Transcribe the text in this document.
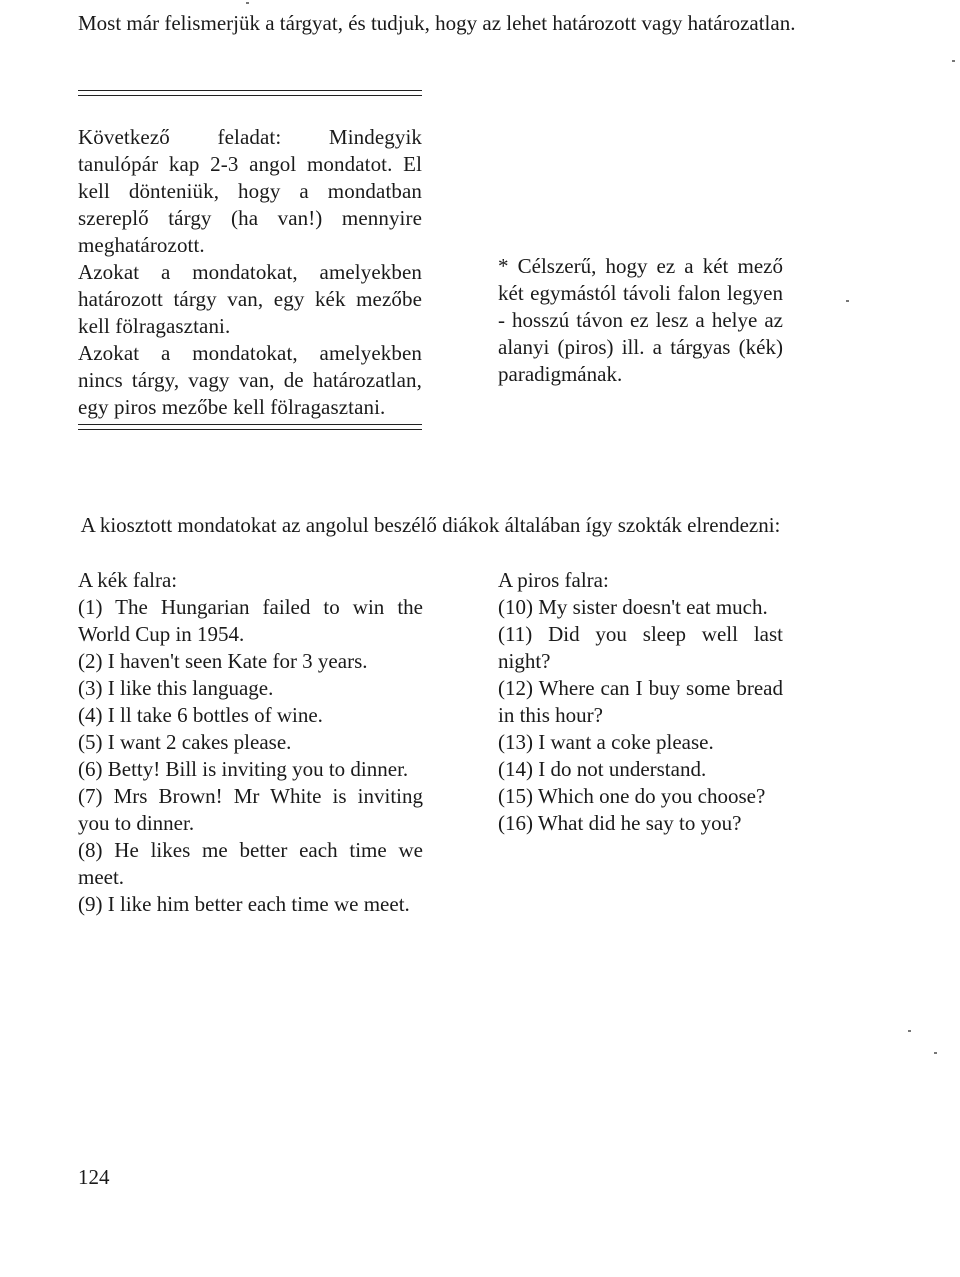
Most már felismerjük a tárgyat, és tudjuk, hogy az lehet határozott vagy határozatlan.

Következő feladat: Mindegyik tanulópár kap 2-3 angol mondatot. El kell dönteniük, hogy a mondatban szereplő tárgy (ha van!) mennyire meghatározott.

Azokat a mondatokat, amelyekben határozott tárgy van, egy kék mezőbe kell fölragasztani.

Azokat a mondatokat, amelyekben nincs tárgy, vagy van, de határozatlan, egy piros mezőbe kell fölragasztani.

* Célszerű, hogy ez a két mező két egymástól távoli falon legyen - hosszú távon ez lesz a helye az alanyi (piros) ill. a tárgyas (kék) paradigmának.
A kiosztott mondatokat az angolul beszélő diákok általában így szokták elrendezni:
A kék falra:
(1) The Hungarian failed to win the World Cup in 1954.
(2) I haven't seen Kate for 3 years.
(3) I like this language.
(4) I ll take 6 bottles of wine.
(5) I want 2 cakes please.
(6) Betty! Bill is inviting you to dinner.
(7) Mrs Brown! Mr White is inviting you to dinner.
(8) He likes me better each time we meet.
(9) I like him better each time we meet.
A piros falra:
(10) My sister doesn't eat much.
(11) Did you sleep well last night?
(12) Where can I buy some bread in this hour?
(13) I want a coke please.
(14) I do not understand.
(15) Which one do you choose?
(16) What did he say to you?
124
